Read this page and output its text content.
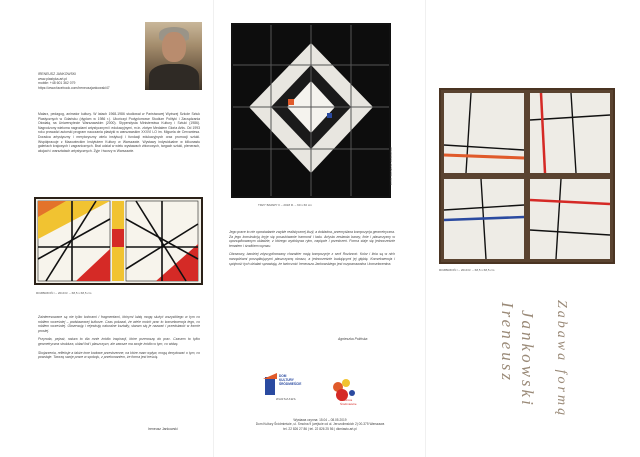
IRENEUSZ JANKOWSKI
www.plastyka.art.pl
mobile: +48 601 362 079
https://www.facebook.com/ireneuszjankowski47
Malarz, pedagog, animator kultury. W latach 1968-1986 studiował w Państwowej Wyższej Szkole Sztuk Plastycznych w Gdańsku (dyplom w 1986 r.). Ukończył Podyplomowe Studium Polityki i Zarządzania Oświatą na Uniwersytecie Warszawskim (2000). Stypendysta Ministerstwa Kultury i Sztuki (1986). Nagrodzony wieloma nagrodami artystycznymi i edukacyjnymi, m.in. złotym Medalem Gloria Artis. Od 1993 roku prowadzi autorski program nauczania plastyki w warszawskim XXXVI LO im. Miguela de Cervantesa. Doradca artystyczny i merytoryczny wielu instytucji i fundacji edukacyjnych oraz promocji sztuki. Współpracuje z Mazowieckim Instytutem Kultury w Warszawie. Wystawy indywidualne w kilkunastu galeriach krajowych i zagranicznych. Brał udział w wielu wystawach zbiorowych, targach sztuki, plenerach, akcjach i warsztatach artystycznych. Żyje i tworzy w Warszawie.
ROZBRZOŃ I – 2019 R. – 68,5 x 68,5 cm

Zainteresowane są nie tylko kolorami i fragmentami, którymi lubię mogę służyć wszystkiego w tym co robiłem wcześniej – podstawowej kulturze. Czas pokazał, że wiele moich prac to konsekwencja tego, co robiłem wcześniej. Obserwuję i rejestruję naturalne kształty, staram się je nazwać i przedstawić w formie prostej.

Przyroda, pejzaż, natura to dla mnie źródło inspiracji, które przenoszę do prac. Czasem to tylko geometryczna struktura, układ linii i płaszczyzn, ale zawsze ma swoje źródło w tym, co widzę.

Skojarzenia, refleksje a także inne kodowe przestrzenne, na które mam wpływ, mogą decydować o tym, co powstaje. Tworzę swoje prace w spokoju, z przekonaniem, że forma jest treścią.

Ireneusz Jankowski
FOTO: IRENEUSZ JANKOWSKI
TRZY BARWY II – 2018 R. – 60 x 60 cm

Jego prace to nie opowiadanie zwykłe realistycznej iluzji, a dokładna, przemyślana kompozycja geometryczna. Za jego konstrukcją kryje się poszukiwanie harmonii i ładu. Artysta zestawia barwy, linie i płaszczyzny w uporządkowanym układzie, z którego wydobywa rytm, napięcie i przestrzeń. Forma staje się jednocześnie tematem i środkiem wyrazu.

Obrazowy, bardziej zdyscyplinowany charakter mają kompozycje z serii Rozbrzoń. Kolor i linia są w nich narzędziami porządkującymi płaszczyznę obrazu, a jednocześnie budującymi jej głębię. Konsekwencja i spójność tych działań sprawiają, że twórczość Ireneusza Jankowskiego jest rozpoznawalna i konsekwentna.

Agnieszka Polińska
DOM
KULTURY
ŚRÓDMIEŚCIE
WARSZAWA	Dzielnica
Śródmieście
Wystawa czynna: 15.04 – 08.05.2019
Dom Kultury Śródmieście, ul. Smolna 9 (wejście od ul. Jerozolimskich 2) 00-375 Warszawa
tel. 22 826 27 86 | tel. 22 826 25 56 | dkmiasto.art.pl
ROZBRZOŃ I – 2019 R. – 68,5 x 68,5 cm
Ireneusz Jankowski Zabawa formą
